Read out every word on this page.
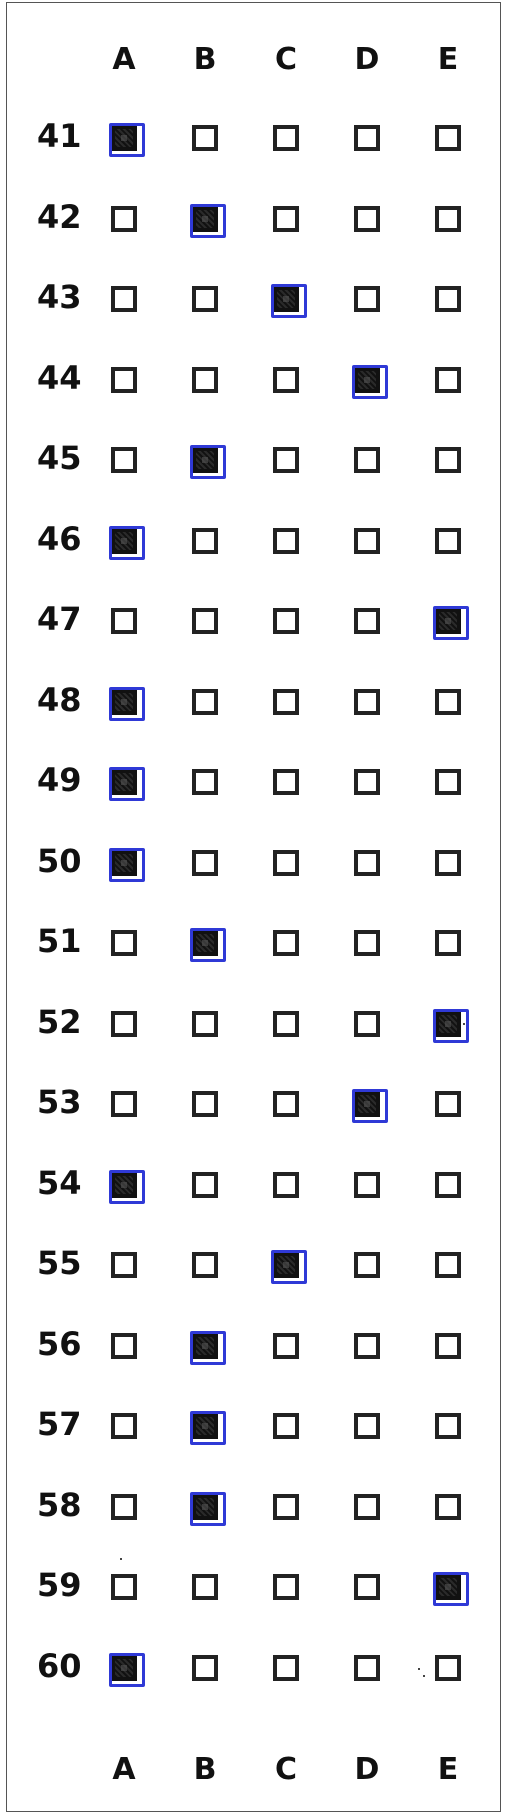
A B C D	E
41
42
43
44
45
46
47
48
49
50
51
52
53
54
55
56
57
58
59
60
A B C D	E
